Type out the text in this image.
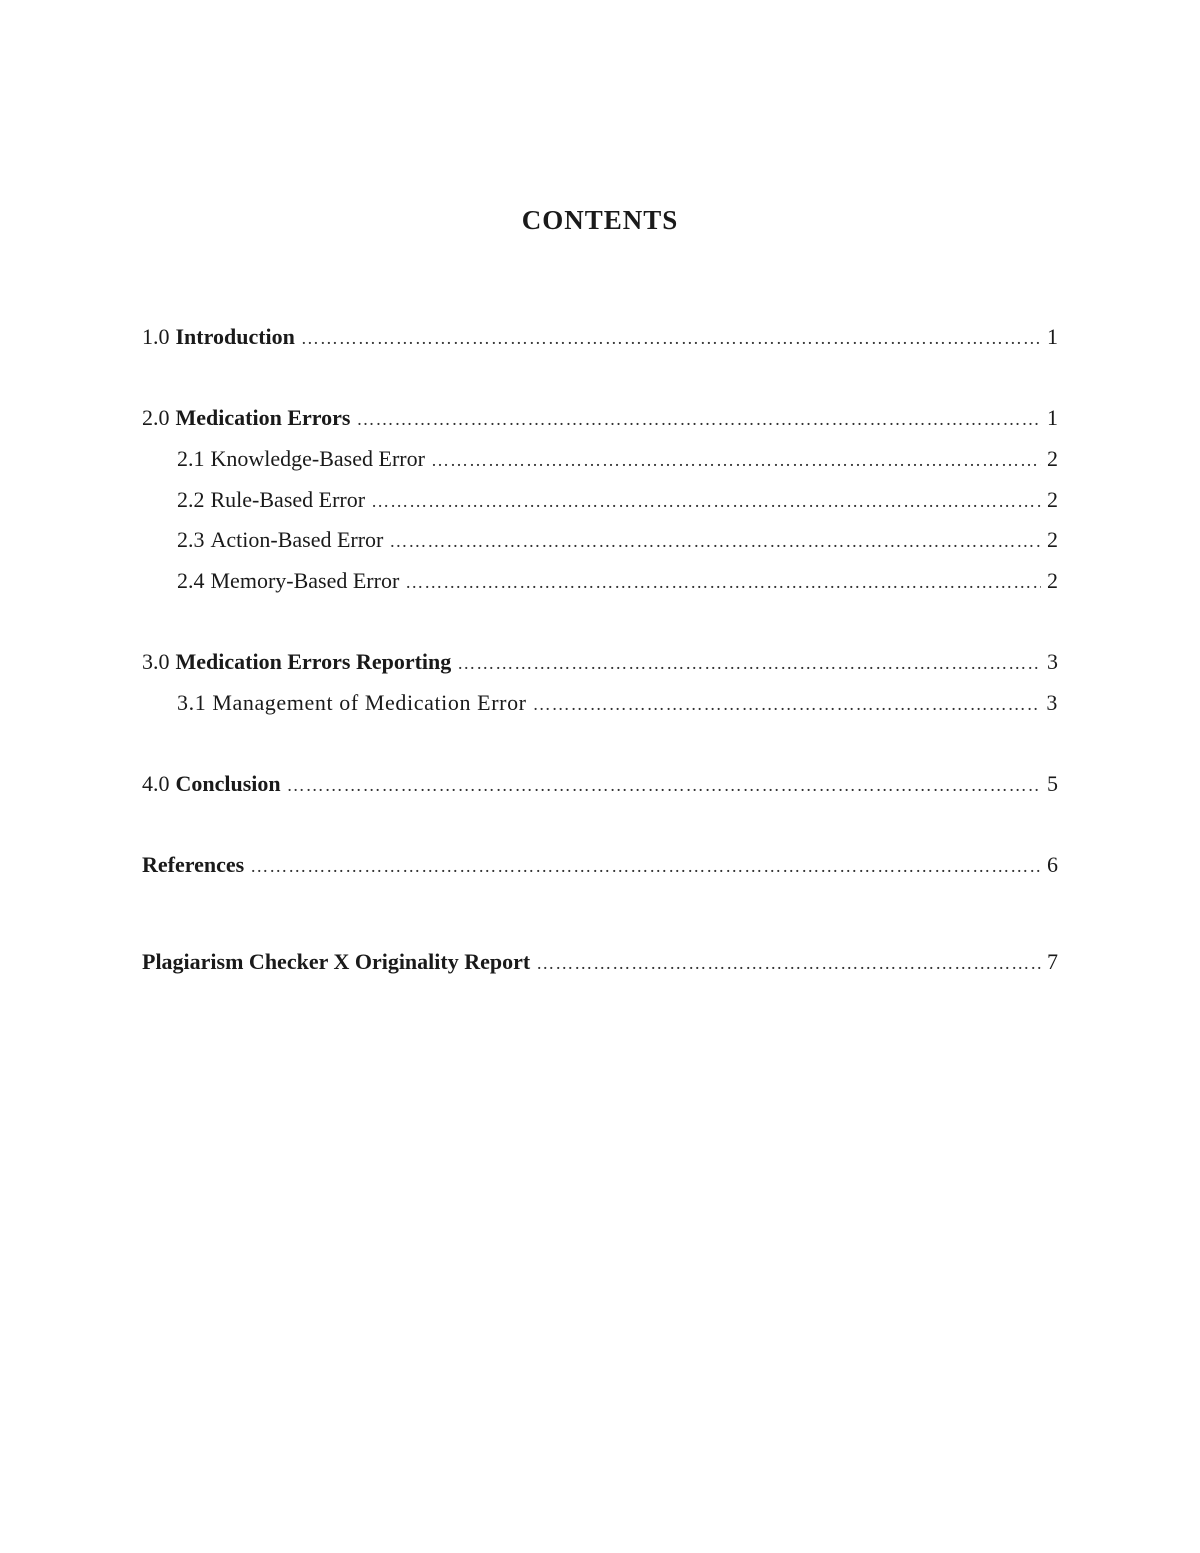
CONTENTS
1.0 Introduction ………………………………………………………………………………………………………………………………………………………………………………………	1
2.0 Medication Errors ………………………………………………………………………………………………………………………………………………………………………………………	1
2.1 Knowledge-Based Error ………………………………………………………………………………………………………………………………………………………………………………………	2
2.2 Rule-Based Error ………………………………………………………………………………………………………………………………………………………………………………………	2
2.3 Action-Based Error ………………………………………………………………………………………………………………………………………………………………………………………	2
2.4 Memory-Based Error ………………………………………………………………………………………………………………………………………………………………………………………	2
3.0 Medication Errors Reporting ………………………………………………………………………………………………………………………………………………………………………………………	3
3.1 Management of Medication Error ………………………………………………………………………………………………………………………………………………………………………………………	3
4.0 Conclusion ………………………………………………………………………………………………………………………………………………………………………………………	5
References ………………………………………………………………………………………………………………………………………………………………………………………	6
Plagiarism Checker X Originality Report ………………………………………………………………………………………………………………………………………………………………………………………	7
